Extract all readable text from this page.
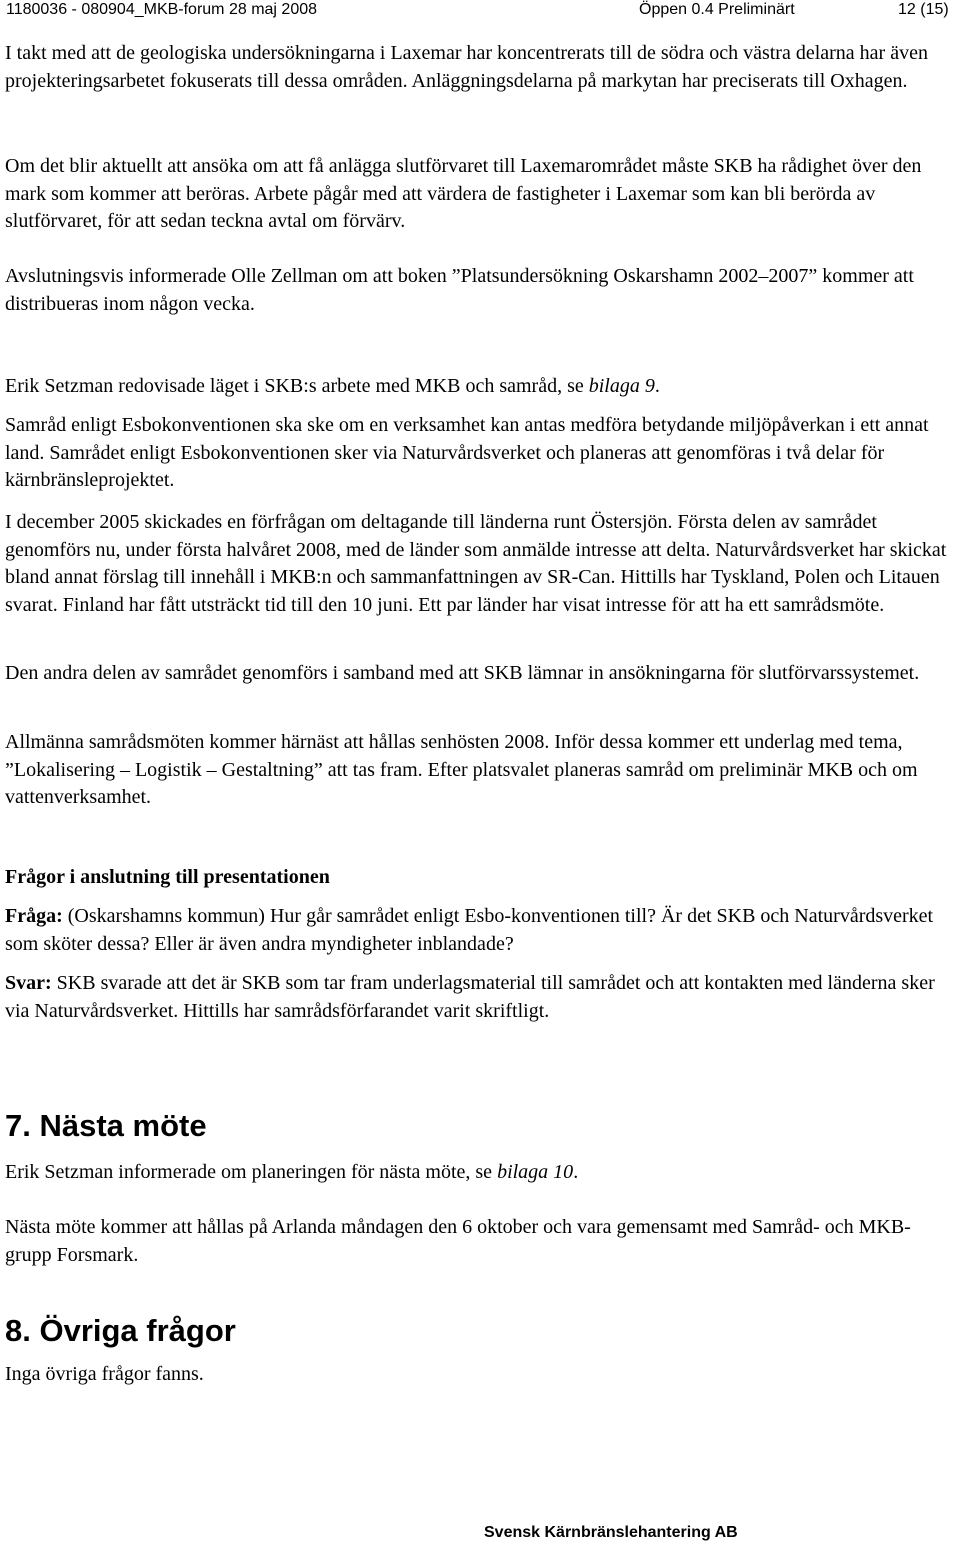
1180036 - 080904_MKB-forum 28 maj 2008	Öppen 0.4 Preliminärt	12 (15)

I takt med att de geologiska undersökningarna i Laxemar har koncentrerats till de södra och västra delarna har även projekteringsarbetet fokuserats till dessa områden. Anläggningsdelarna på markytan har preciserats till Oxhagen.

Om det blir aktuellt att ansöka om att få anlägga slutförvaret till Laxemarområdet måste SKB ha rådighet över den mark som kommer att beröras. Arbete pågår med att värdera de fastigheter i Laxemar som kan bli berörda av slutförvaret, för att sedan teckna avtal om förvärv.

Avslutningsvis informerade Olle Zellman om att boken ”Platsundersökning Oskarshamn 2002–2007” kommer att distribueras inom någon vecka.

Erik Setzman redovisade läget i SKB:s arbete med MKB och samråd, se bilaga 9.

Samråd enligt Esbokonventionen ska ske om en verksamhet kan antas medföra betydande miljöpåverkan i ett annat land. Samrådet enligt Esbokonventionen sker via Naturvårdsverket och planeras att genomföras i två delar för kärnbränsleprojektet.

I december 2005 skickades en förfrågan om deltagande till länderna runt Östersjön. Första delen av samrådet genomförs nu, under första halvåret 2008, med de länder som anmälde intresse att delta. Naturvårdsverket har skickat bland annat förslag till innehåll i MKB:n och sammanfattningen av SR-Can. Hittills har Tyskland, Polen och Litauen svarat. Finland har fått utsträckt tid till den 10 juni. Ett par länder har visat intresse för att ha ett samrådsmöte.

Den andra delen av samrådet genomförs i samband med att SKB lämnar in ansökningarna för slutförvarssystemet.

Allmänna samrådsmöten kommer härnäst att hållas senhösten 2008. Inför dessa kommer ett underlag med tema, ”Lokalisering – Logistik – Gestaltning” att tas fram. Efter platsvalet planeras samråd om preliminär MKB och om vattenverksamhet.

Frågor i anslutning till presentationen

Fråga: (Oskarshamns kommun) Hur går samrådet enligt Esbo-konventionen till? Är det SKB och Naturvårdsverket som sköter dessa? Eller är även andra myndigheter inblandade?

Svar: SKB svarade att det är SKB som tar fram underlagsmaterial till samrådet och att kontakten med länderna sker via Naturvårdsverket. Hittills har samrådsförfarandet varit skriftligt.

7. Nästa möte

Erik Setzman informerade om planeringen för nästa möte, se bilaga 10.

Nästa möte kommer att hållas på Arlanda måndagen den 6 oktober och vara gemensamt med Samråd- och MKB-grupp Forsmark.

8. Övriga frågor

Inga övriga frågor fanns.

Svensk Kärnbränslehantering AB
